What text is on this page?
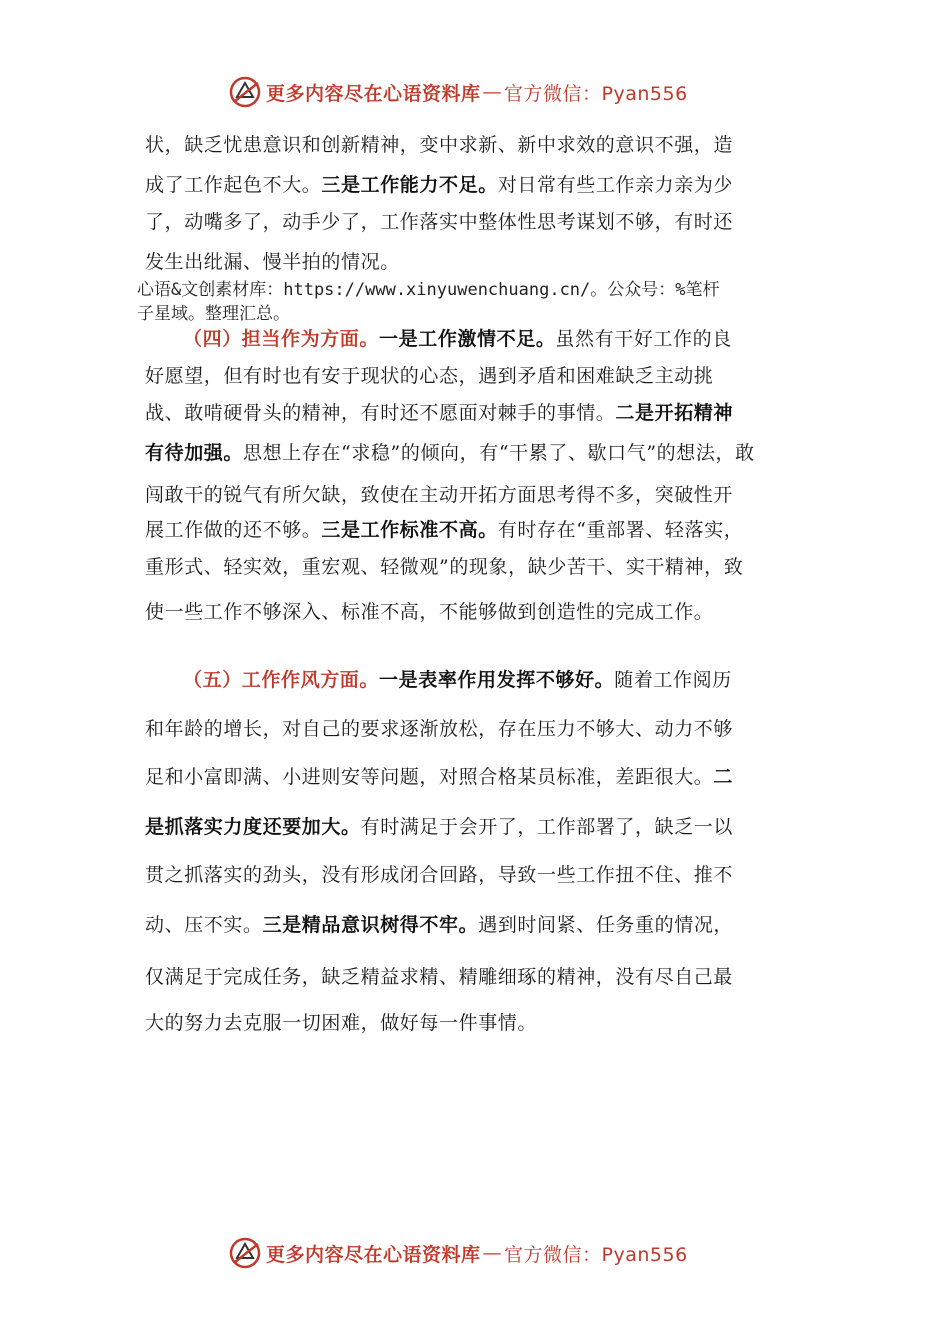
更多内容尽在心语资料库 — 官方微信：Pyan556
状，缺乏忧患意识和创新精神，变中求新、新中求效的意识不强，造
成了工作起色不大。三是工作能力不足。对日常有些工作亲力亲为少
了，动嘴多了，动手少了，工作落实中整体性思考谋划不够，有时还
发生出纰漏、慢半拍的情况。
心语&文创素材库：https://www.xinyuwenchuang.cn/。公众号：%笔杆
子星域。整理汇总。
（四）担当作为方面。一是工作激情不足。虽然有干好工作的良
好愿望，但有时也有安于现状的心态，遇到矛盾和困难缺乏主动挑
战、敢啃硬骨头的精神，有时还不愿面对棘手的事情。二是开拓精神
有待加强。思想上存在“求稳”的倾向，有“干累了、歇口气”的想法，敢
闯敢干的锐气有所欠缺，致使在主动开拓方面思考得不多，突破性开
展工作做的还不够。三是工作标准不高。有时存在“重部署、轻落实，
重形式、轻实效，重宏观、轻微观”的现象，缺少苦干、实干精神，致
使一些工作不够深入、标准不高，不能够做到创造性的完成工作。
（五）工作作风方面。一是表率作用发挥不够好。随着工作阅历
和年龄的增长，对自己的要求逐渐放松，存在压力不够大、动力不够
足和小富即满、小进则安等问题，对照合格某员标准，差距很大。二
是抓落实力度还要加大。有时满足于会开了，工作部署了，缺乏一以
贯之抓落实的劲头，没有形成闭合回路，导致一些工作扭不住、推不
动、压不实。三是精品意识树得不牢。遇到时间紧、任务重的情况，
仅满足于完成任务，缺乏精益求精、精雕细琢的精神，没有尽自己最
大的努力去克服一切困难，做好每一件事情。
更多内容尽在心语资料库 — 官方微信：Pyan556
